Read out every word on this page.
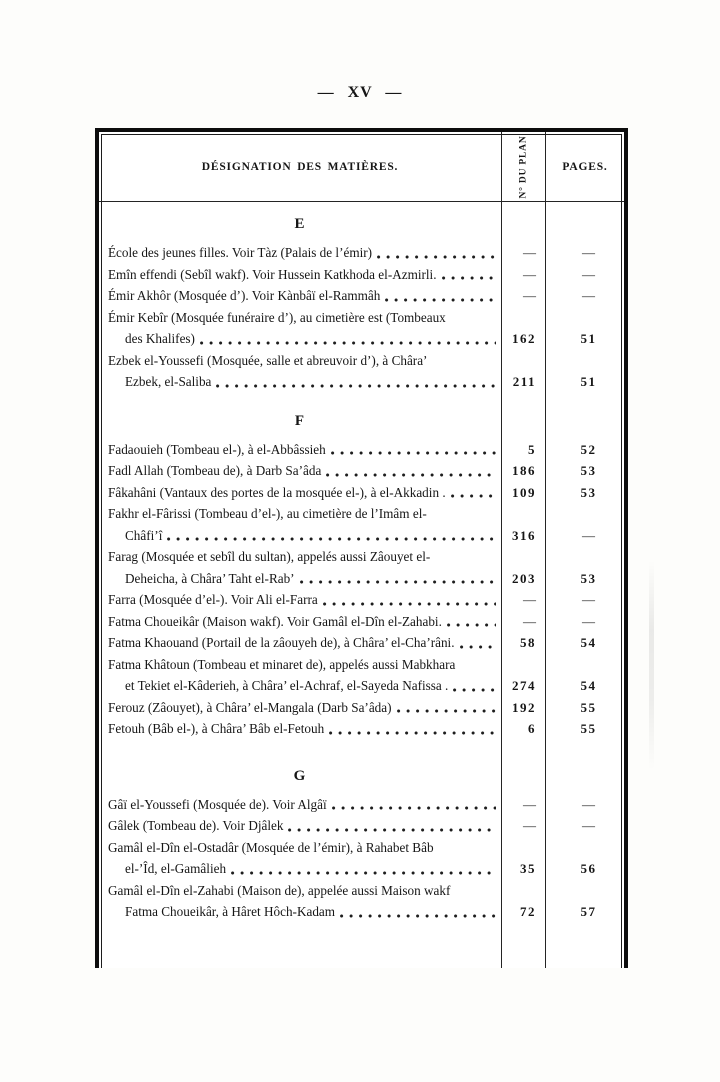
— XV —
DÉSIGNATION DES MATIÈRES.	N° DU PLAN	PAGES.
E
École des jeunes filles. Voir Tàz (Palais de l’émir)	—	—
Emîn effendi (Sebîl wakf). Voir Hussein Katkhoda el-Azmirli.	—	—
Émir Akhôr (Mosquée d’). Voir Kànbâï el-Rammâh	—	—
Émir Kebîr (Mosquée funéraire d’), au cimetière est (Tombeaux
des Khalifes)	162	51
Ezbek el-Youssefi (Mosquée, salle et abreuvoir d’), à Châra’
Ezbek, el-Saliba	211	51
F
Fadaouieh (Tombeau el-), à el-Abbâssieh	5	52
Fadl Allah (Tombeau de), à Darb Sa’âda	186	53
Fâkahâni (Vantaux des portes de la mosquée el-), à el-Akkadin .	109	53
Fakhr el-Fârissi (Tombeau d’el-), au cimetière de l’Imâm el-
Châfi’î	316	—
Farag (Mosquée et sebîl du sultan), appelés aussi Zâouyet el-
Deheicha, à Châra’ Taht el-Rab’	203	53
Farra (Mosquée d’el-). Voir Ali el-Farra	—	—
Fatma Choueikâr (Maison wakf). Voir Gamâl el-Dîn el-Zahabi.	—	—
Fatma Khaouand (Portail de la zâouyeh de), à Châra’ el-Cha’râni.	58	54
Fatma Khâtoun (Tombeau et minaret de), appelés aussi Mabkhara
et Tekiet el-Kâderieh, à Châra’ el-Achraf, el-Sayeda Nafissa .	274	54
Ferouz (Zâouyet), à Châra’ el-Mangala (Darb Sa’âda)	192	55
Fetouh (Bâb el-), à Châra’ Bâb el-Fetouh	6	55
G
Gâï el-Youssefi (Mosquée de). Voir Algâï	—	—
Gâlek (Tombeau de). Voir Djâlek	—	—
Gamâl el-Dîn el-Ostadâr (Mosquée de l’émir), à Rahabet Bâb
el-’Îd, el-Gamâlieh	35	56
Gamâl el-Dîn el-Zahabi (Maison de), appelée aussi Maison wakf
Fatma Choueikâr, à Hâret Hôch-Kadam	72	57
